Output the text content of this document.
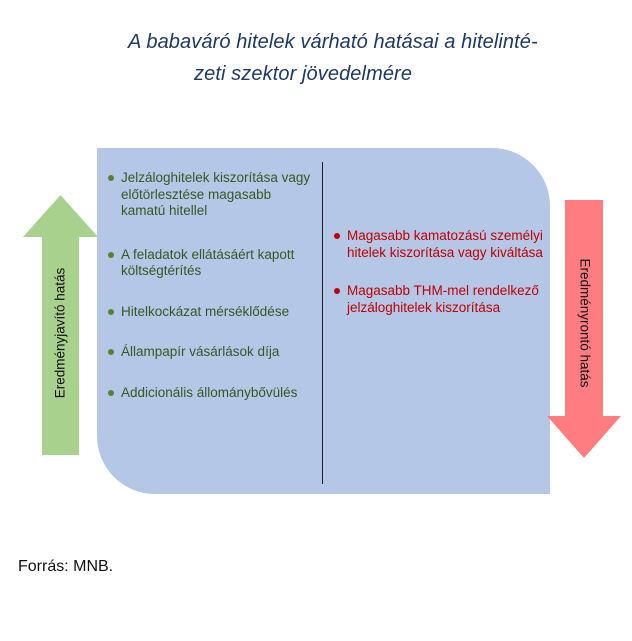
A babaváró hitelek várható hatásai a hitelinté-
zeti szektor jövedelmére
Eredményjavító hatás
Jelzáloghitelek kiszorítása vagy előtörlesztése magasabb kamatú hitellel
A feladatok ellátásáért kapott költségtérítés
Hitelkockázat mérséklődése
Állampapír vásárlások díja
Addicionális állománybővülés
Magasabb kamatozású személyi hitelek kiszorítása vagy kiváltása
Magasabb THM-mel rendelkező jelzáloghitelek kiszorítása	Eredményrontó hatás
Forrás: MNB.
